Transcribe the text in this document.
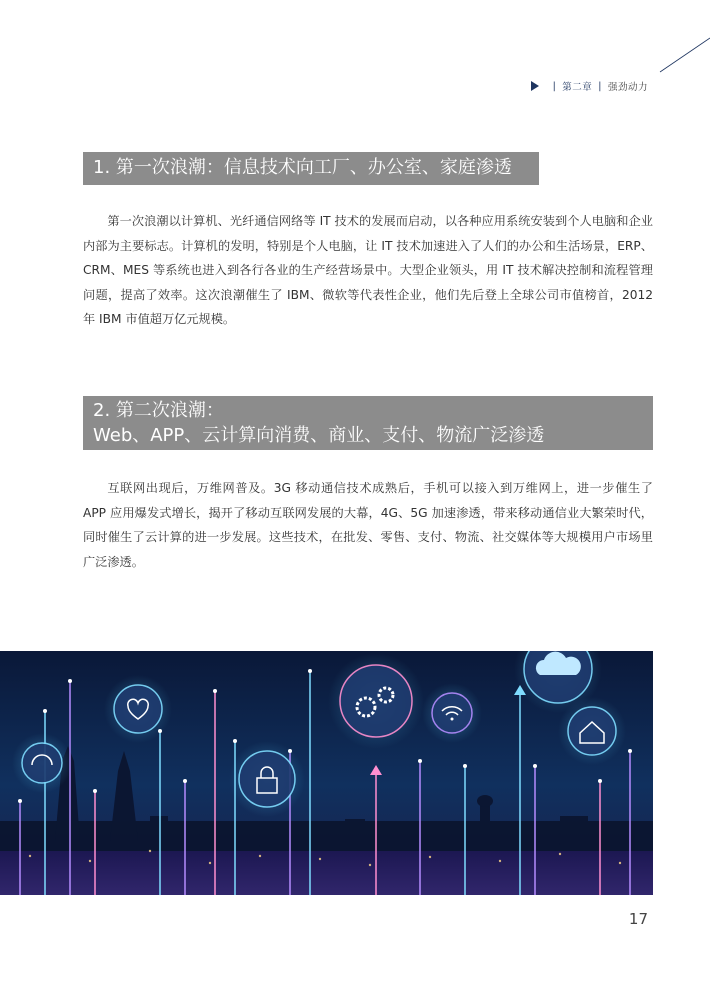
| 第二章 | 强劲动力
1. 第一次浪潮：信息技术向工厂、办公室、家庭渗透

第一次浪潮以计算机、光纤通信网络等 IT 技术的发展而启动，以各种应用系统安装到个人电脑和企业内部为主要标志。计算机的发明，特别是个人电脑，让 IT 技术加速进入了人们的办公和生活场景，ERP、CRM、MES 等系统也进入到各行各业的生产经营场景中。大型企业领头，用 IT 技术解决控制和流程管理问题，提高了效率。这次浪潮催生了 IBM、微软等代表性企业，他们先后登上全球公司市值榜首，2012 年 IBM 市值超万亿元规模。

2. 第二次浪潮：
Web、APP、云计算向消费、商业、支付、物流广泛渗透

互联网出现后，万维网普及。3G 移动通信技术成熟后，手机可以接入到万维网上，进一步催生了 APP 应用爆发式增长，揭开了移动互联网发展的大幕，4G、5G 加速渗透，带来移动通信业大繁荣时代，同时催生了云计算的进一步发展。这些技术，在批发、零售、支付、物流、社交媒体等大规模用户市场里广泛渗透。

17
